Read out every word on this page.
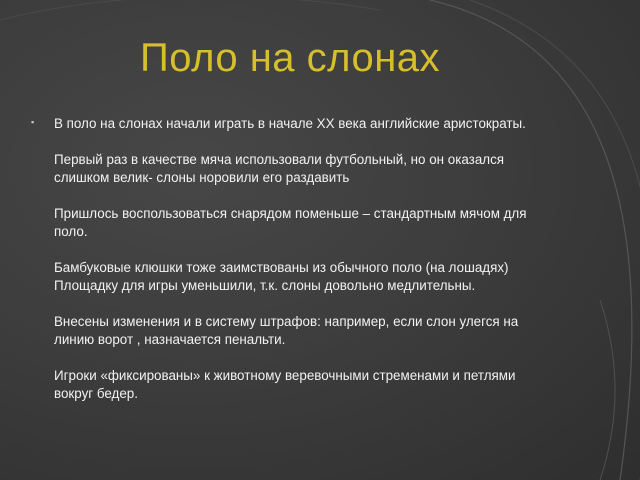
Поло на слонах
▪ В поло на слонах начали играть в начале XX века английские аристократы.

Первый раз в качестве мяча использовали футбольный, но он оказался слишком велик- слоны норовили его раздавить

Пришлось воспользоваться снарядом поменьше – стандартным мячом для поло.

Бамбуковые клюшки тоже заимствованы из обычного поло (на лошадях) Площадку для игры уменьшили, т.к. слоны довольно медлительны.

Внесены изменения и в систему штрафов: например, если слон улегся на линию ворот , назначается пенальти.

Игроки «фиксированы» к животному веревочными стременами и петлями вокруг бедер.
